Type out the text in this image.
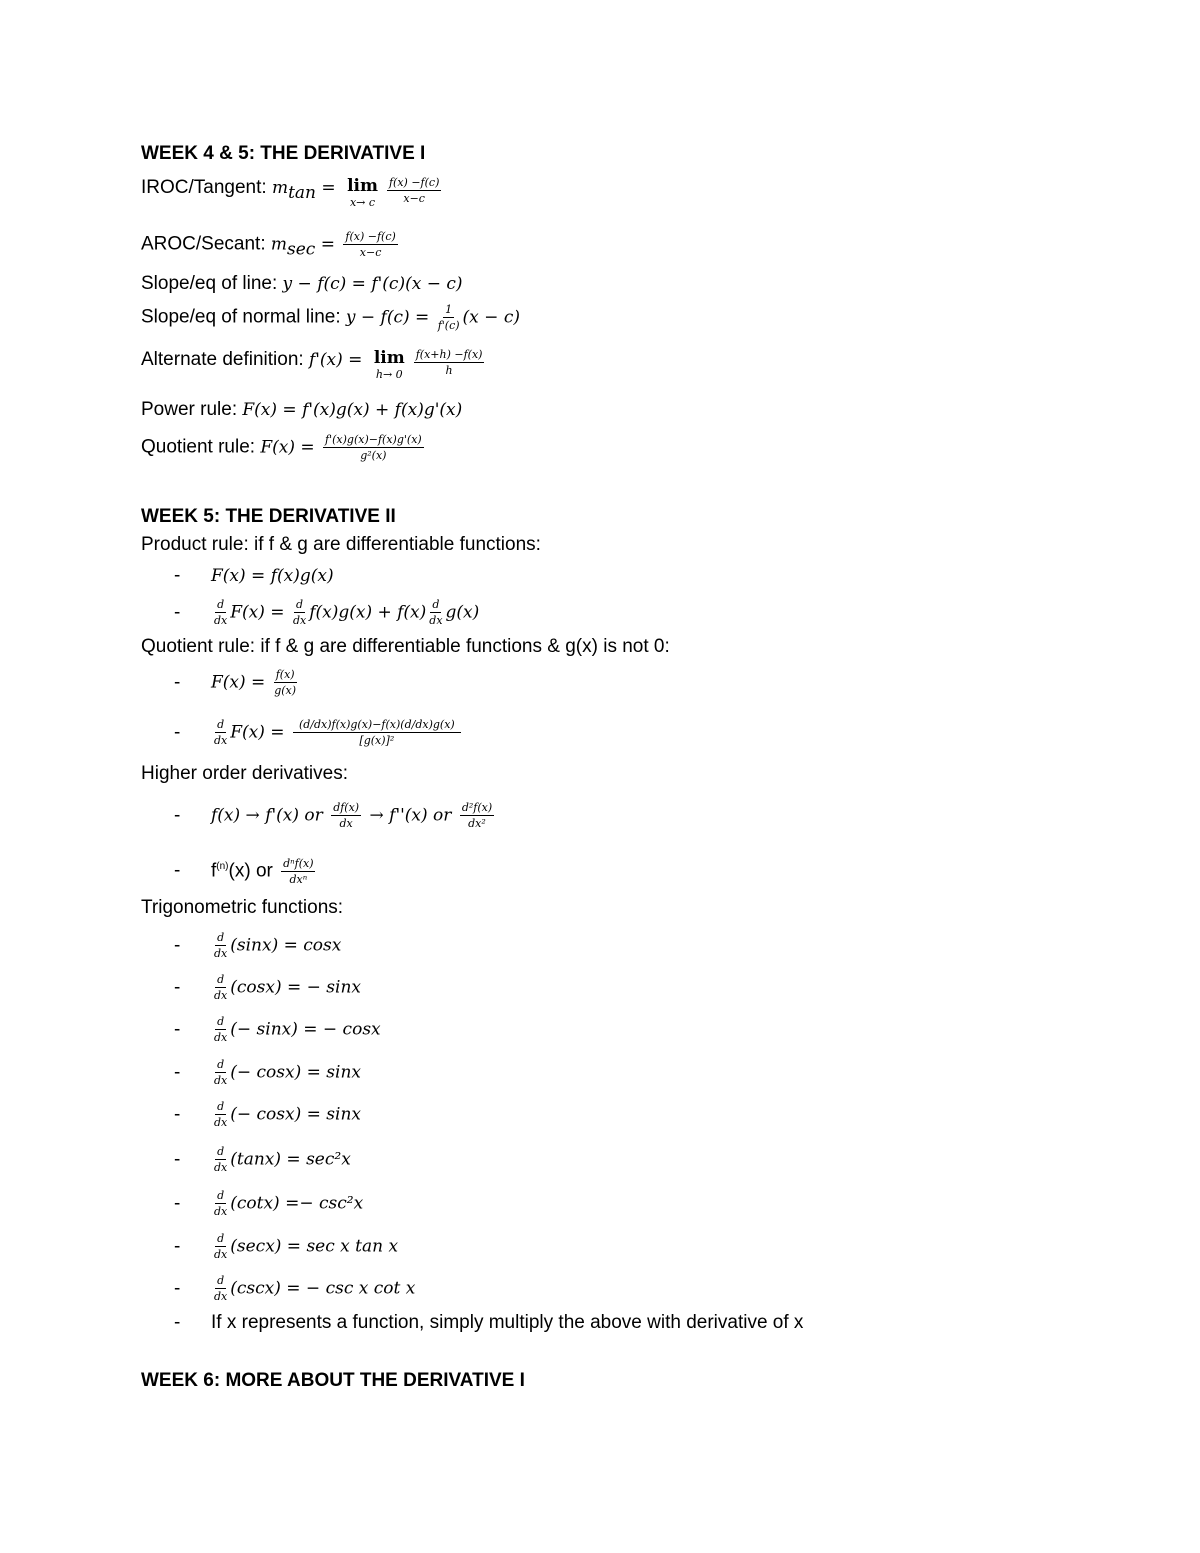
WEEK 4 & 5: THE DERIVATIVE I
IROC/Tangent: $m_{tan} = \lim$
x→ c $\frac{f(x) -f(c)}{x-c}$
AROC/Secant: $m_{sec} = \frac{f(x) -f(c)}{x-c}$
Slope/eq of line: y − f(c) = f'(c)(x − c)
Slope/eq of normal line: $y - f(c) = \frac{1}{f'(c)} (x - c)$
Alternate definition: f'(x) = lim
$h\to 0 \frac{f(x+h) -f(x)}{h}$
Power rule: F(x) = f'(x)g(x) + f(x)g'(x)
Quotient rule: $F(x) = \frac{f'(x)g(x)-f(x)g'(x)}{\text{g²(x)}}$
WEEK 5: THE DERIVATIVE II
Product rule: if f & g are differentiable functions:
- F(x) = f(x)g(x)
-	$\frac{d}{dx} F(x) = \frac{d}{dx} f(x)g(x) + f(x) \frac{d}{dx} g(x)$
Quotient rule: if f & g are differentiable functions & g(x) is not 0:
- $F(x) = \frac{f(x)}{g(x)}$
-	$\frac{d}{dx} F(x) = \frac{(d/dx)f(x)g(x)-f(x)(d/dx)g(x)}{\text{[g(x)]²}}$
Higher order derivatives:
- f(x) → f'(x) or $\frac{df(x)}{dx} \to f''(x)$ or $\frac{\text{d²f(x)}}{\text{dx²}}$
- $f^{(n)}(x)$ or $\frac{\text{dⁿf(x)}}{\text{dxⁿ}}$
Trigonometric functions:
-	$\frac{d}{dx} (\sin x) = \cos x$
-	$\frac{d}{dx} (\cos x)$ = − sinx
-	$\frac{d}{dx}$ (− sinx) = − cosx
-	$\frac{d}{dx}$ (− cosx) = sinx
-	$\frac{d}{dx}$ (− cosx) = sinx
-	$\frac{d}{dx} (\tan x) = \sec^2x$
-	$\frac{d}{dx} (\cot x) =- \csc^2x$
-	$\frac{d}{dx} (\sec x) = \sec x$ tan x
-	$\frac{d}{dx} (\csc x)$ = − csc x cot x
- If x represents a function, simply multiply the above with derivative of x
WEEK 6: MORE ABOUT THE DERIVATIVE I
